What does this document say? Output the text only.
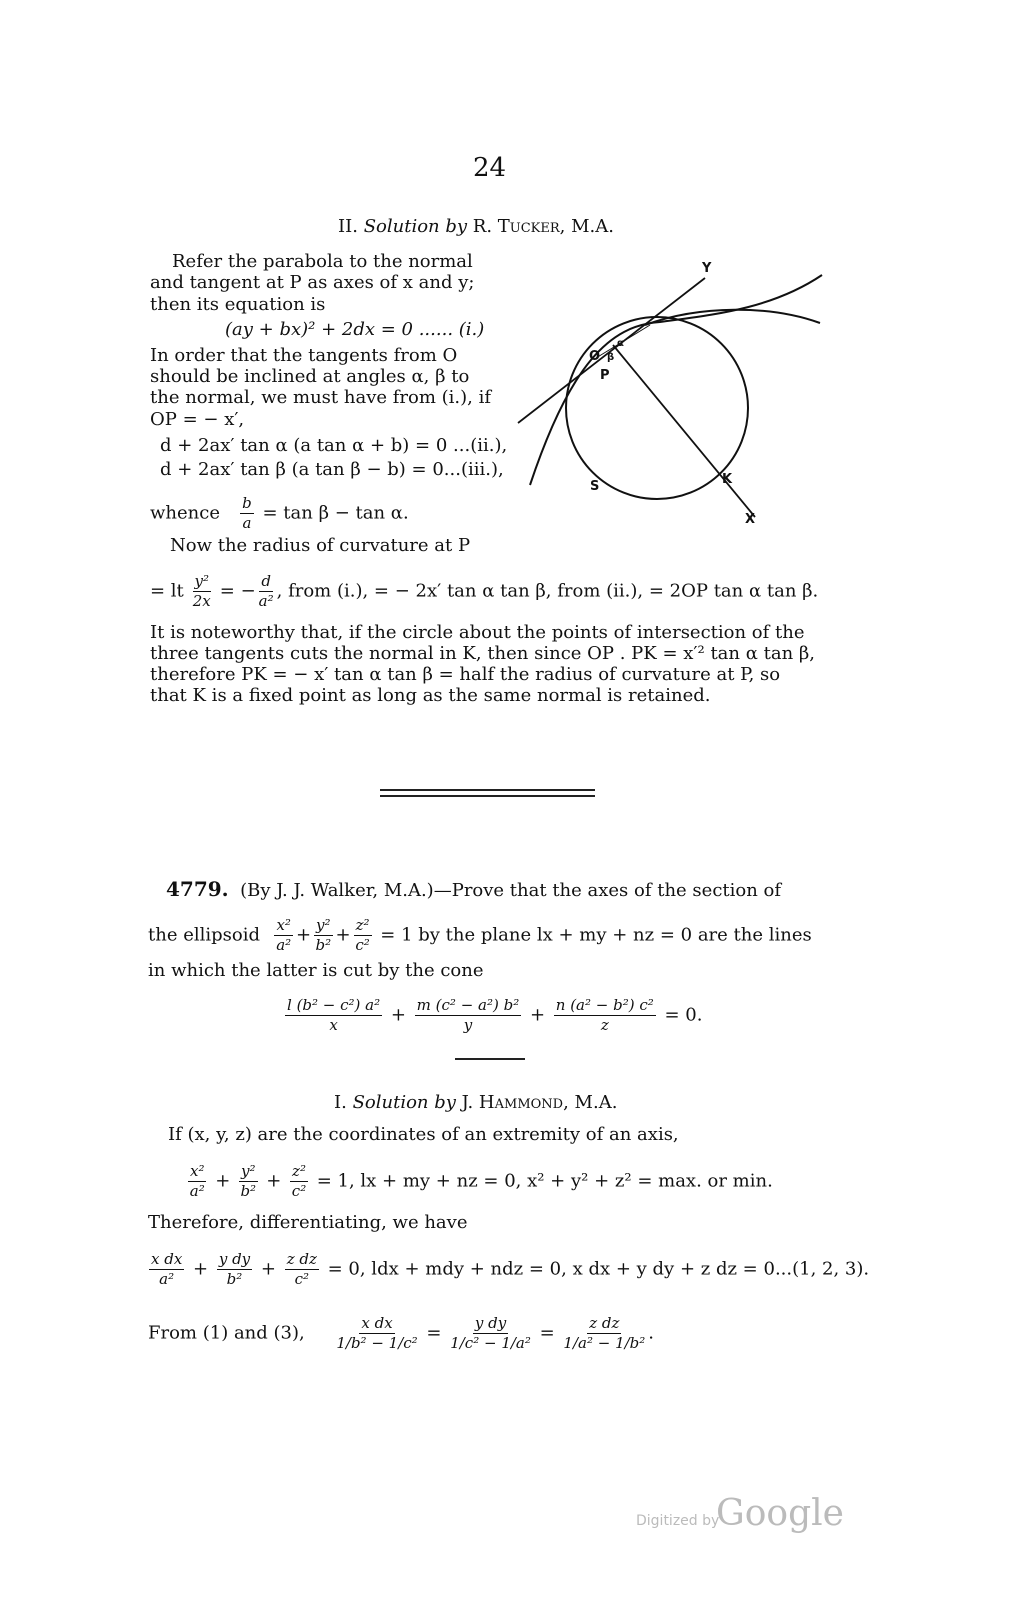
24
II. Solution by R. Tucker, M.A.
Refer the parabola to the normal
and tangent at P as axes of x and y;
then its equation is
(ay + bx)² + 2dx = 0 ...... (i.)
In order that the tangents from O
should be inclined at angles α, β to
the normal, we must have from (i.), if
OP = − x′,
d + 2ax′ tan α (a tan α + b) = 0 ...(ii.),
d + 2ax′ tan β (a tan β − b) = 0...(iii.),
whence $\frac{b}{a} = \tan \beta - \tan \alpha$.
Now the radius of curvature at P
= lt $\frac{\text{y²}}{2x}$ = − $\frac{d}{\text{a²}}$ , from (i.), = − 2x′ tan α tan β, from (ii.), = 2OP tan α tan β.
It is noteworthy that, if the circle about the points of intersection of the
three tangents cuts the normal in K, then since OP . PK = x′² tan α tan β,
therefore PK = − x′ tan α tan β = half the radius of curvature at P, so
that K is a fixed point as long as the same normal is retained.
Y
O
P
β
α
S	K
X
4779. (By J. J. Walker, M.A.)—Prove that the axes of the section of
the ellipsoid $\frac{\text{x²}}{\text{a²}} + \frac{\text{y²}}{\text{b²}} + \frac{\text{z²}}{\text{c²}} = 1$ by the plane lx + my + nz = 0 are the lines
in which the latter is cut by the cone
$\frac{\text{l (b² − c²) a²}}{x} + \frac{\text{m (c² − a²) b²}}{y} + \frac{\text{n (a² − b²) c²}}{z} = 0$.
I. Solution by J. Hammond, M.A.
If (x, y, z) are the coordinates of an extremity of an axis,
$\frac{\text{x²}}{\text{a²}} + \frac{\text{y²}}{\text{b²}} + \frac{\text{z²}}{\text{c²}} = 1$, lx + my + nz = 0, x² + y² + z² = max. or min.
Therefore, differentiating, we have
$\frac{\text{x dx}}{\text{a²}} + \frac{\text{y dy}}{\text{b²}} + \frac{\text{z dz}}{\text{c²}} = 0$, ldx + mdy + ndz = 0, x dx + y dy + z dz = 0...(1, 2, 3).
From (1) and (3), $\frac{\text{x dx}}{\text{1/b² − 1/c²}} = \frac{\text{y dy}}{\text{1/c² − 1/a²}} = \frac{\text{z dz}}{\text{1/a² − 1/b²}}$ .
Digitized by
Google
